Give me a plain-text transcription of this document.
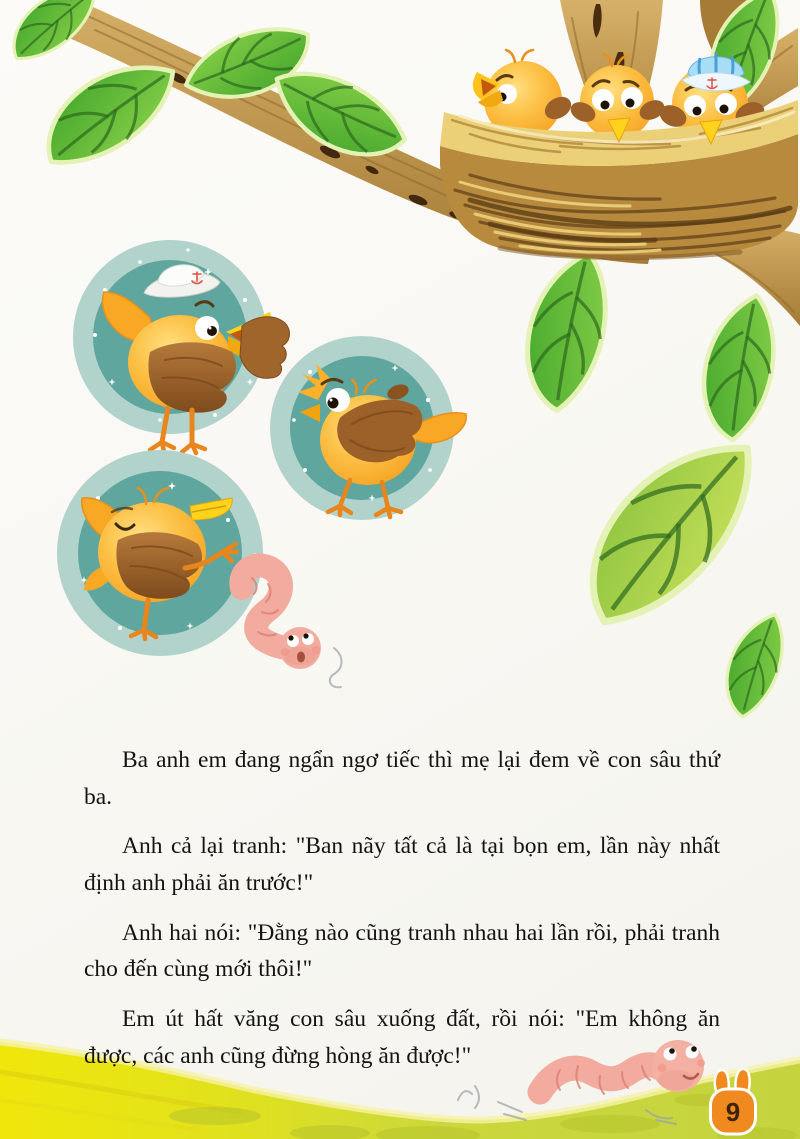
9

Ba anh em đang ngẩn ngơ tiếc thì mẹ lại đem về con sâu thứ ba.

Anh cả lại tranh: "Ban nãy tất cả là tại bọn em, lần này nhất định anh phải ăn trước!"

Anh hai nói: "Đằng nào cũng tranh nhau hai lần rồi, phải tranh cho đến cùng mới thôi!"

Em út hất văng con sâu xuống đất, rồi nói: "Em không ăn được, các anh cũng đừng hòng ăn được!"
